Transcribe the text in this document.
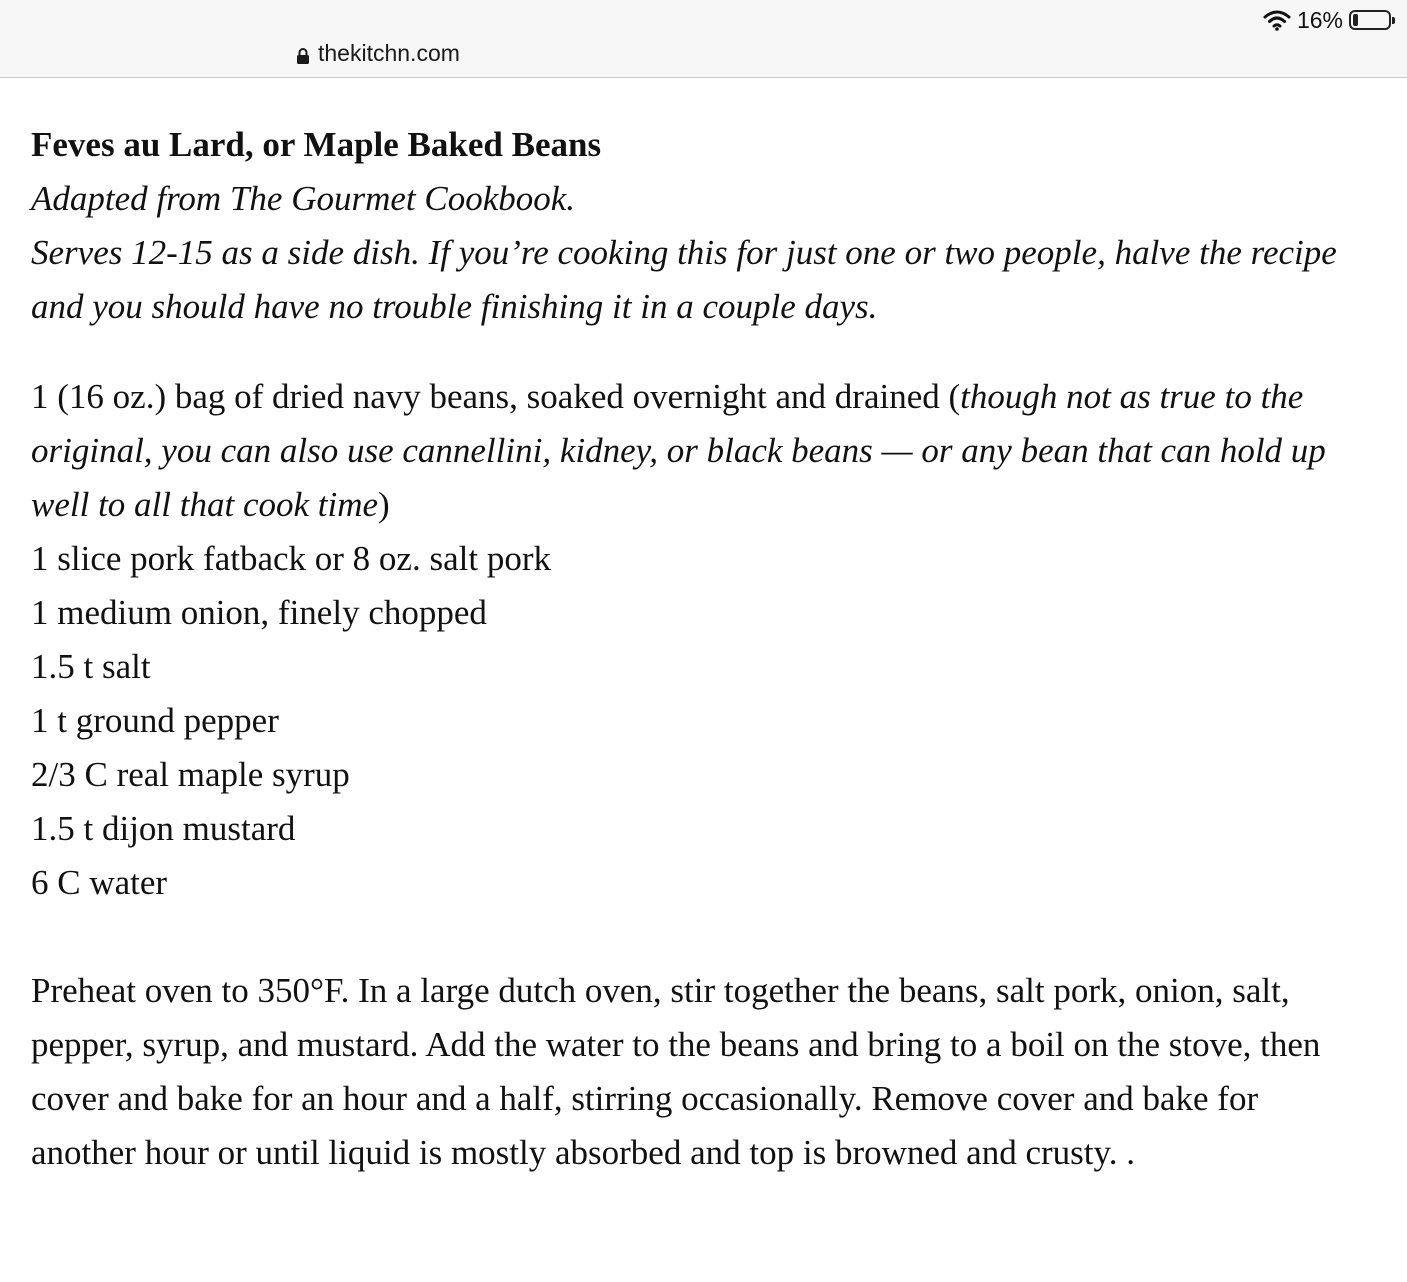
16%
thekitchn.com

Feves au Lard, or Maple Baked Beans

Adapted from The Gourmet Cookbook.

Serves 12-15 as a side dish. If you’re cooking this for just one or two people, halve the recipe and you should have no trouble finishing it in a couple days.

1 (16 oz.) bag of dried navy beans, soaked overnight and drained (though not as true to the original, you can also use cannellini, kidney, or black beans — or any bean that can hold up well to all that cook time)

1 slice pork fatback or 8 oz. salt pork

1 medium onion, finely chopped

1.5 t salt

1 t ground pepper

2/3 C real maple syrup

1.5 t dijon mustard

6 C water

Preheat oven to 350°F. In a large dutch oven, stir together the beans, salt pork, onion, salt, pepper, syrup, and mustard. Add the water to the beans and bring to a boil on the stove, then cover and bake for an hour and a half, stirring occasionally. Remove cover and bake for another hour or until liquid is mostly absorbed and top is browned and crusty. .
